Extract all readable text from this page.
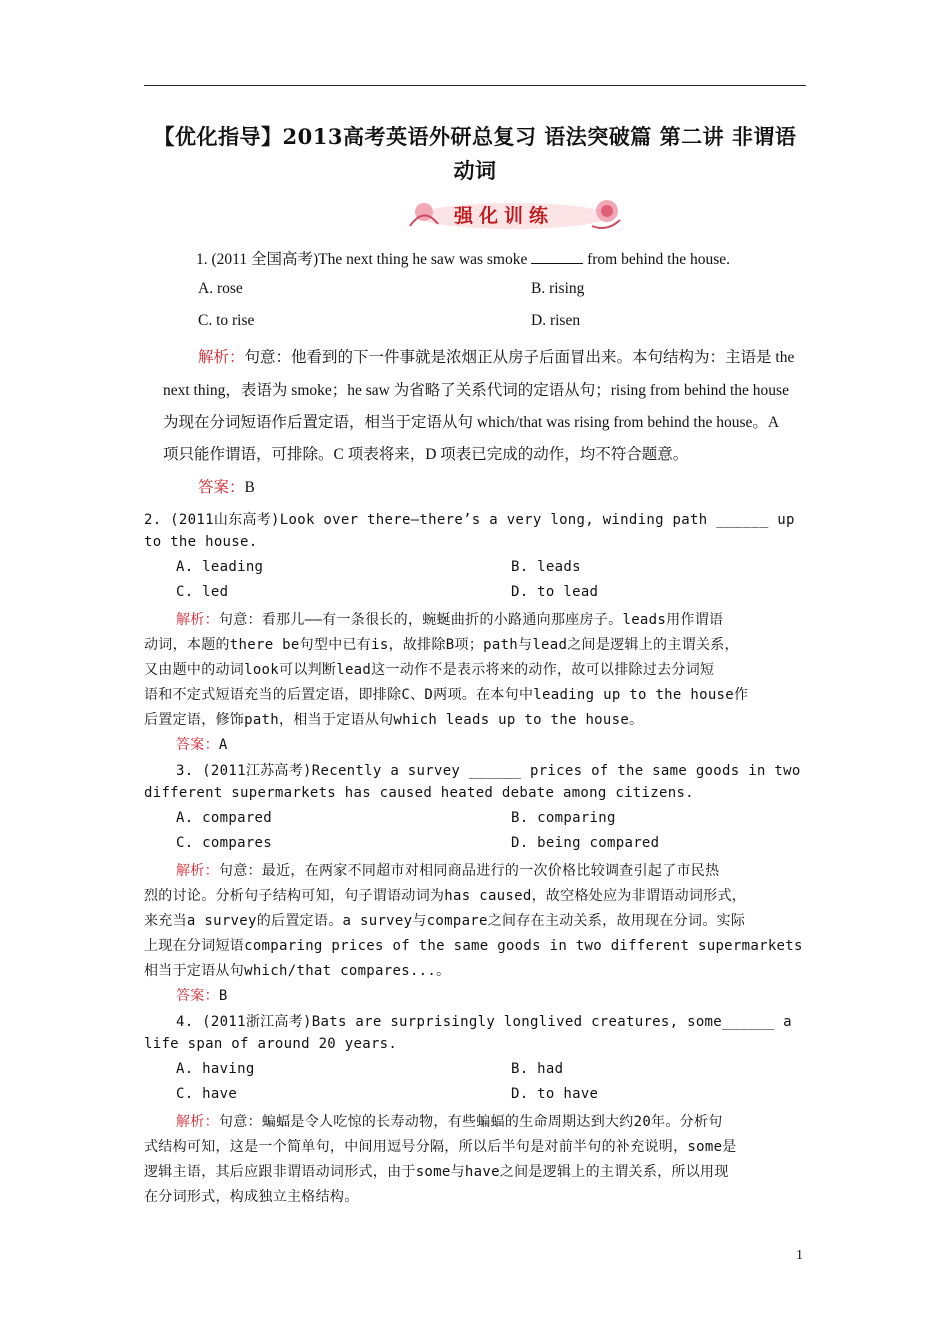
【优化指导】2013高考英语外研总复习 语法突破篇 第二讲 非谓语
动词
强化训练
1. (2011 全国高考)The next thing he saw was smoke	from behind the house.
A. rose	B. rising
C. to rise	D. risen
解析：句意：他看到的下一件事就是浓烟正从房子后面冒出来。本句结构为：主语是 the
next thing，表语为 smoke；he saw 为省略了关系代词的定语从句；rising from behind the house
为现在分词短语作后置定语，相当于定语从句 which/that was rising from behind the house。A
项只能作谓语，可排除。C 项表将来，D 项表已完成的动作，均不符合题意。
答案：B
2. (2011山东高考)Look over there—there’s a very long, winding path ______ up
to the house.
A. leading	B. leads
C. led	D. to lead
解析：句意：看那儿——有一条很长的，蜿蜒曲折的小路通向那座房子。leads用作谓语
动词，本题的there be句型中已有is，故排除B项；path与lead之间是逻辑上的主谓关系，
又由题中的动词look可以判断lead这一动作不是表示将来的动作，故可以排除过去分词短
语和不定式短语充当的后置定语，即排除C、D两项。在本句中leading up to the house作
后置定语，修饰path，相当于定语从句which leads up to the house。
答案：A
3. (2011江苏高考)Recently a survey ______ prices of the same goods in two
different supermarkets has caused heated debate among citizens.
A. compared	B. comparing
C. compares	D. being compared
解析：句意：最近，在两家不同超市对相同商品进行的一次价格比较调查引起了市民热
烈的讨论。分析句子结构可知，句子谓语动词为has caused，故空格处应为非谓语动词形式，
来充当a survey的后置定语。a survey与compare之间存在主动关系，故用现在分词。实际
上现在分词短语comparing prices of the same goods in two different supermarkets
相当于定语从句which/that compares...。
答案：B
4. (2011浙江高考)Bats are surprisingly longlived creatures, some______ a
life span of around 20 years.
A. having	B. had
C. have	D. to have
解析：句意：蝙蝠是令人吃惊的长寿动物，有些蝙蝠的生命周期达到大约20年。分析句
式结构可知，这是一个简单句，中间用逗号分隔，所以后半句是对前半句的补充说明，some是
逻辑主语，其后应跟非谓语动词形式，由于some与have之间是逻辑上的主谓关系，所以用现
在分词形式，构成独立主格结构。
1
